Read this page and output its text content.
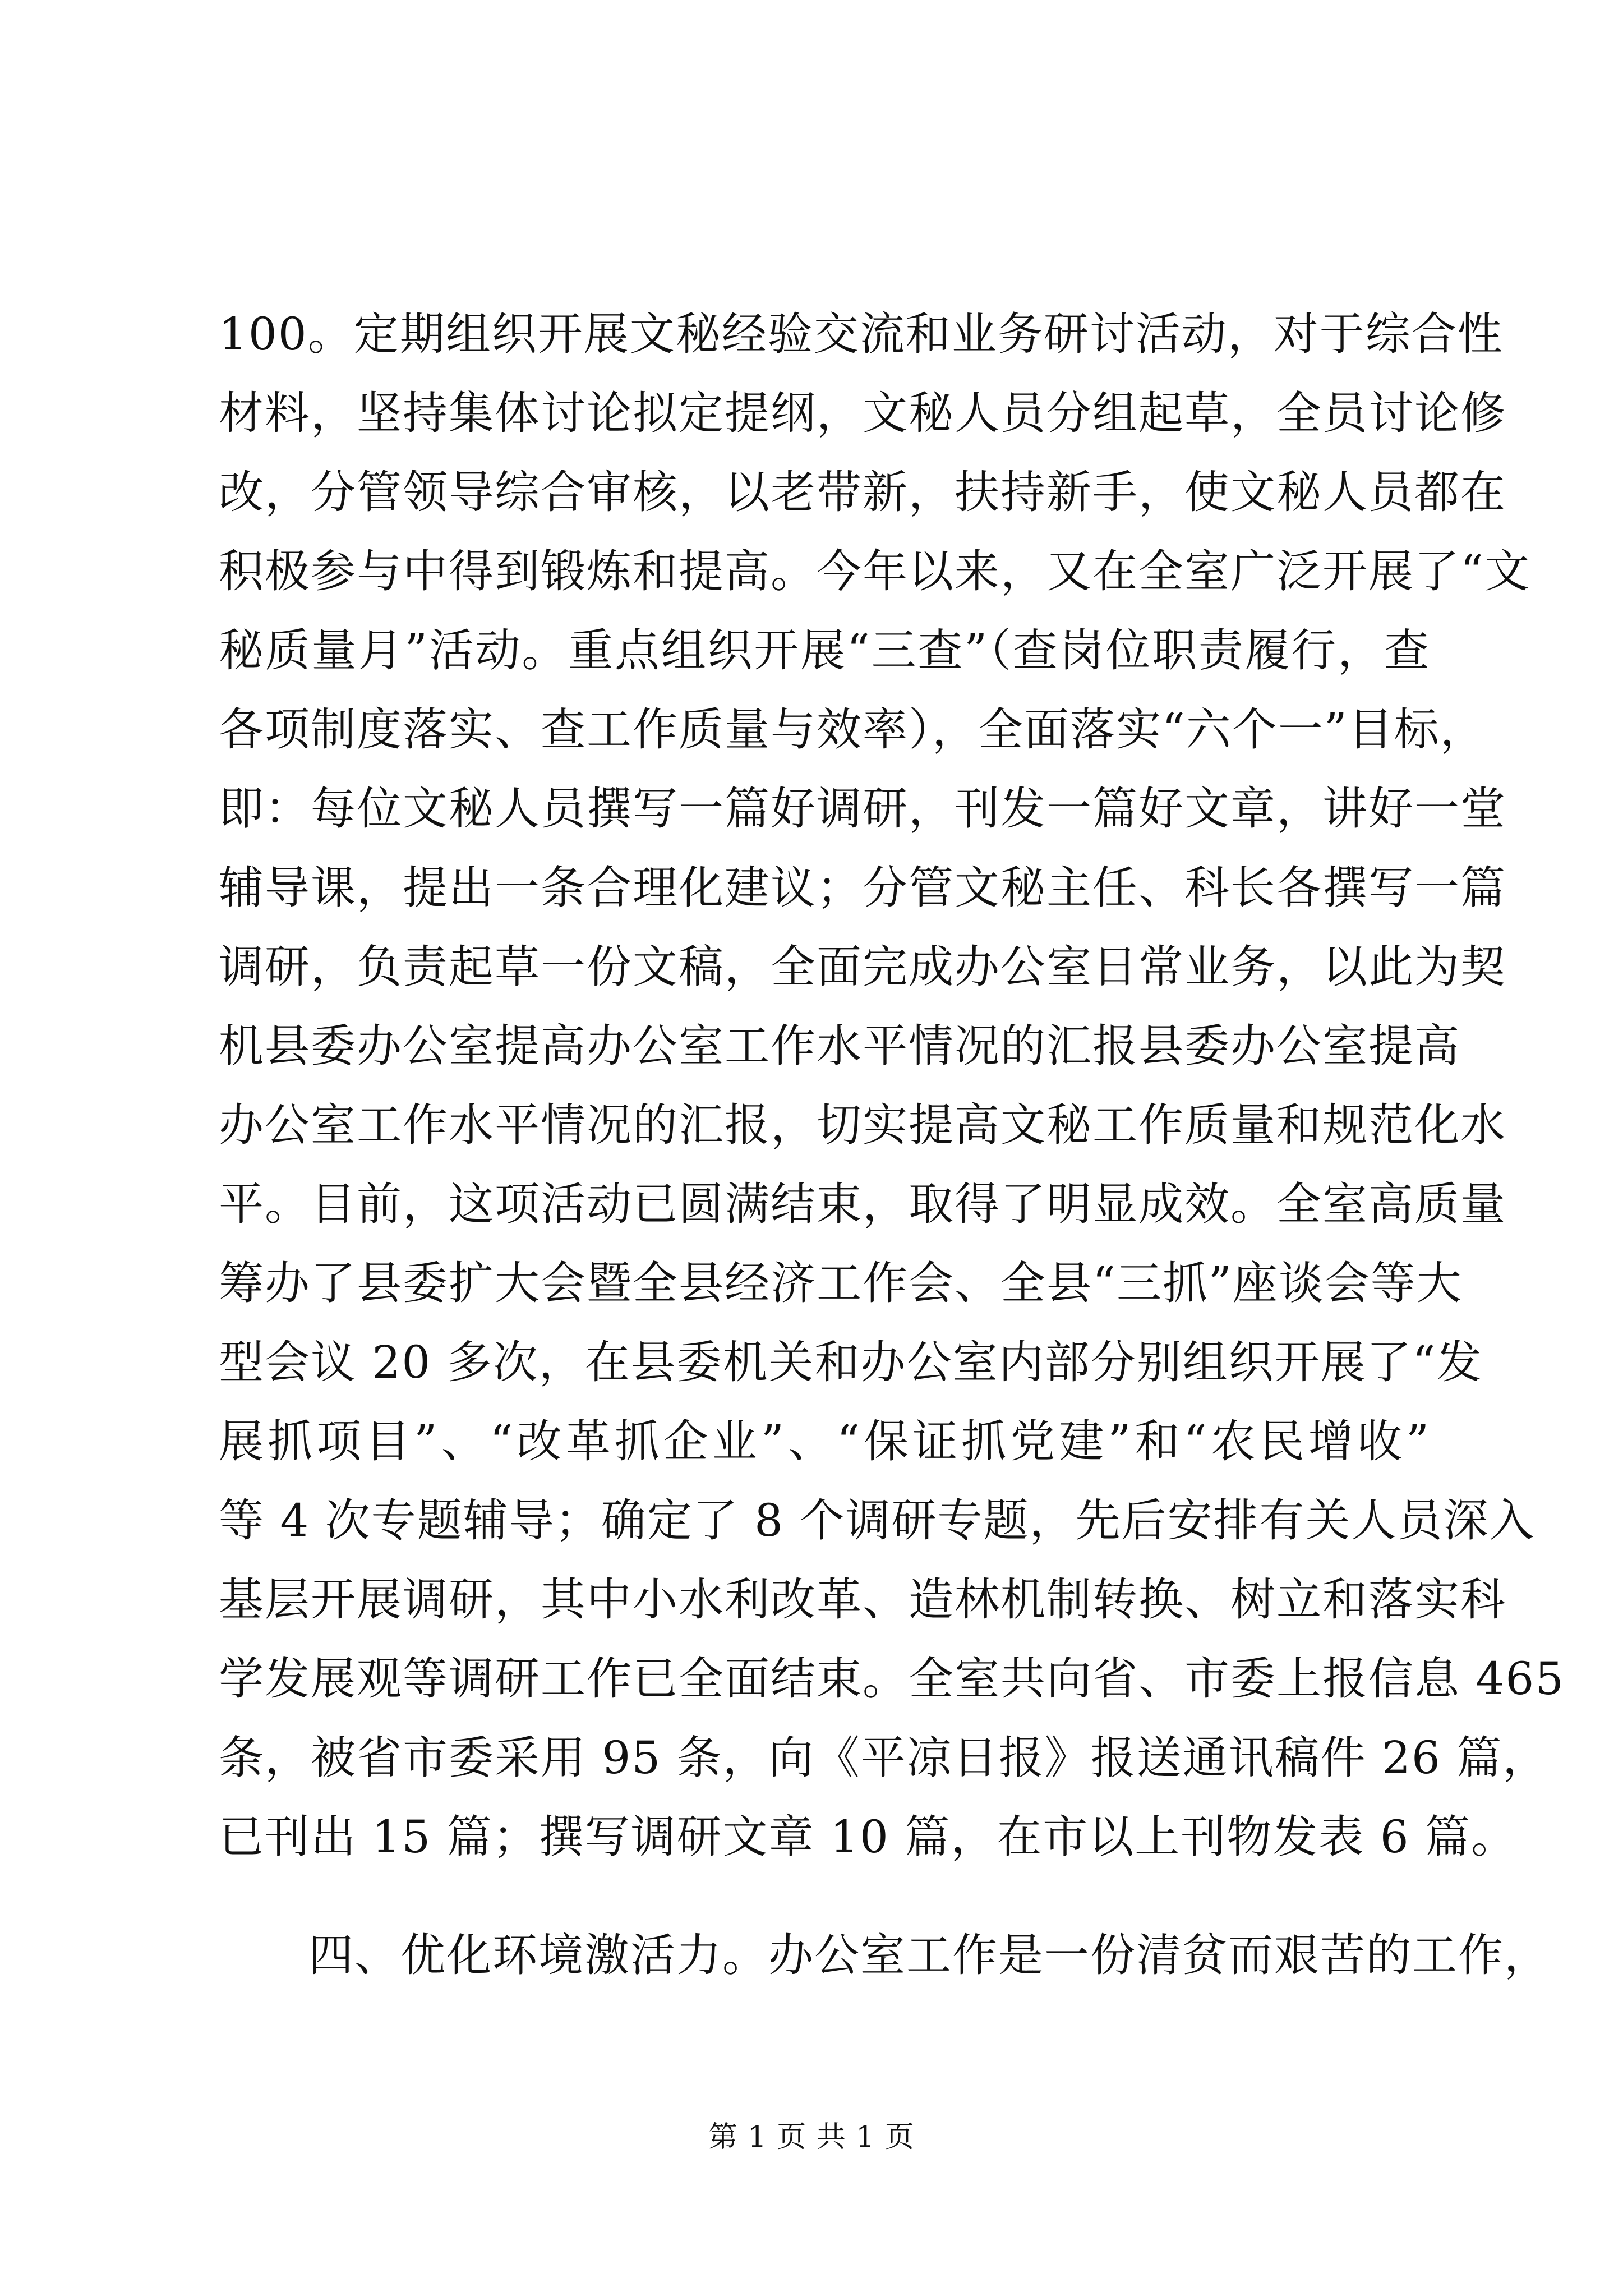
100。定期组织开展文秘经验交流和业务研讨活动，对于综合性
材料，坚持集体讨论拟定提纲，文秘人员分组起草，全员讨论修
改，分管领导综合审核，以老带新，扶持新手，使文秘人员都在
积极参与中得到锻炼和提高。今年以来，又在全室广泛开展了“文
秘质量月”活动。重点组织开展“三查”（查岗位职责履行，查
各项制度落实、查工作质量与效率），全面落实“六个一”目标，
即：每位文秘人员撰写一篇好调研，刊发一篇好文章，讲好一堂
辅导课，提出一条合理化建议；分管文秘主任、科长各撰写一篇
调研，负责起草一份文稿，全面完成办公室日常业务，以此为契
机县委办公室提高办公室工作水平情况的汇报县委办公室提高
办公室工作水平情况的汇报，切实提高文秘工作质量和规范化水
平。目前，这项活动已圆满结束，取得了明显成效。全室高质量
筹办了县委扩大会暨全县经济工作会、全县“三抓”座谈会等大
型会议 20 多次，在县委机关和办公室内部分别组织开展了“发
展抓项目”、“改革抓企业”、“保证抓党建”和“农民增收”
等 4 次专题辅导；确定了 8 个调研专题，先后安排有关人员深入
基层开展调研，其中小水利改革、造林机制转换、树立和落实科
学发展观等调研工作已全面结束。全室共向省、市委上报信息 465
条，被省市委采用 95 条，向《平凉日报》报送通讯稿件 26 篇，
已刊出 15 篇；撰写调研文章 10 篇，在市以上刊物发表 6 篇。
四、优化环境激活力。办公室工作是一份清贫而艰苦的工作，
第 1 页 共 1 页
